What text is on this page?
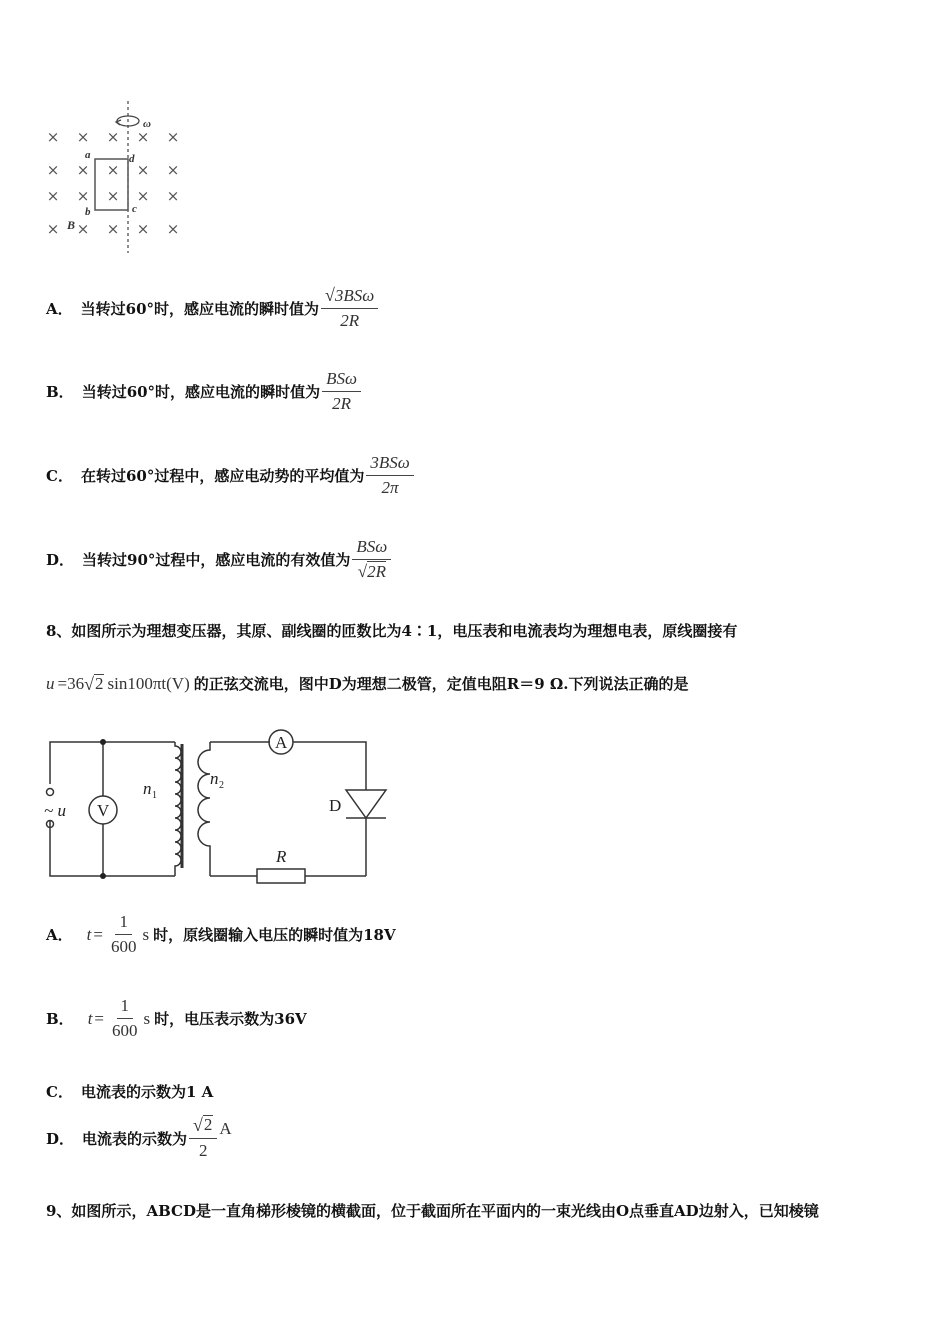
× × × × ×
× × × × ×
× × × × ×
× × × × ×
ω
a	d
b	c
B
A． 当转过60°时，感应电流的瞬时值为 $\frac{\text{√ 3BSω}}{2R}$
B． 当转过60°时，感应电流的瞬时值为 $\frac{\text{BSω}}{2R}$
C． 在转过60°过程中，感应电动势的平均值为 $\frac{\text{3BSω}}{2\pi}$
D． 当转过90°过程中，感应电流的有效值为 $\frac{\text{BSω}}{√2R}$
8、如图所示为理想变压器，其原、副线圈的匝数比为4∶1，电压表和电流表均为理想电表，原线圈接有
u =36 √ 2 sin100πt(V) 的正弦交流电，图中D为理想二极管，定值电阻R＝9 Ω.下列说法正确的是
V
A
D
~ u
R
n 1
n 2
A． $t = \frac{1}{600}$ s 时，原线圈输入电压的瞬时值为18V
B． $t = \frac{1}{600}$ s 时，电压表示数为36V
C． 电流表的示数为1 A
D． 电流表的示数为 $\frac{√ 2}{2}$ A
9、如图所示，ABCD是一直角梯形棱镜的横截面，位于截面所在平面内的一束光线由O点垂直AD边射入，已知棱镜
